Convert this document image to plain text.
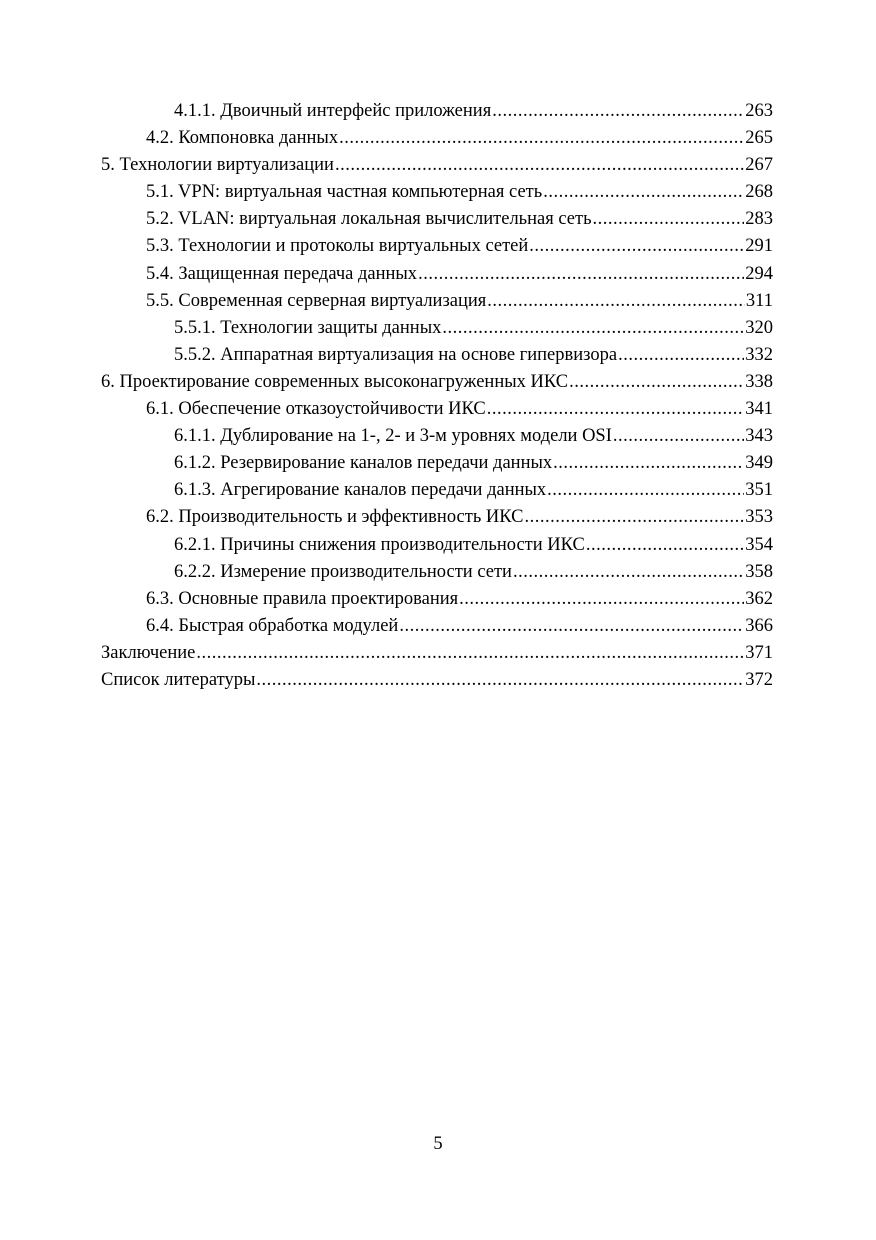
4.1.1. Двоичный интерфейс приложения .....	263
4.2. Компоновка данных .....	265
5. Технологии виртуализации .....	267
5.1. VPN: виртуальная частная компьютерная сеть .....	268
5.2. VLAN: виртуальная локальная вычислительная сеть .....	283
5.3. Технологии и протоколы виртуальных сетей .....	291
5.4. Защищенная передача данных .....	294
5.5. Современная серверная виртуализация .....	311
5.5.1. Технологии защиты данных .....	320
5.5.2. Аппаратная виртуализация на основе гипервизора .....	332
6. Проектирование современных высоконагруженных ИКС .....	338
6.1. Обеспечение отказоустойчивости ИКС .....	341
6.1.1. Дублирование на 1-, 2- и 3-м уровнях модели OSI .....	343
6.1.2. Резервирование каналов передачи данных .....	349
6.1.3. Агрегирование каналов передачи данных .....	351
6.2. Производительность и эффективность ИКС .....	353
6.2.1. Причины снижения производительности ИКС .....	354
6.2.2. Измерение производительности сети .....	358
6.3. Основные правила проектирования .....	362
6.4. Быстрая обработка модулей .....	366
Заключение .....	371
Список литературы .....	372
5
